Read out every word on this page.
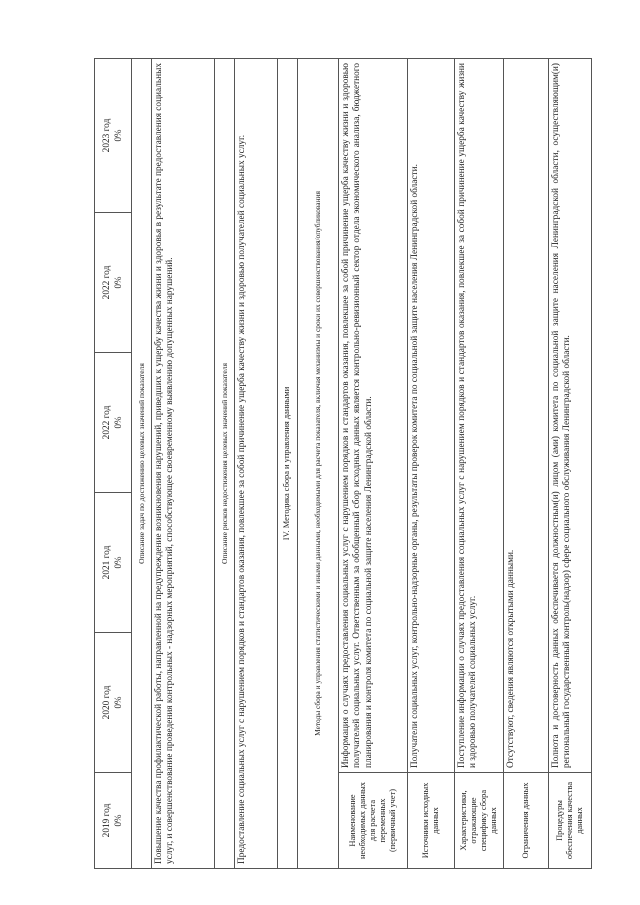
2019 год 0%	2020 год 0%	2021 год 0%	2022 год 0%	2022 год 0%	2023 год 0%

Описание задач по достижению целевых значений показателя					
Повышение качества профилактической работы, направленной на предупреждение возникновения нарушений, приведших к ущербу качества жизни и здоровья в результате предоставления социальных услуг, и совершенствование проведения контрольных - надзорных мероприятий, способствующее своевременному выявлению допущенных нарушений.					
Описание рисков недостижения целевых значений показателя					
Предоставление социальных услуг с нарушением порядков и стандартов оказания, повлекшее за собой причинение ущерба качеству жизни и здоровью получателей социальных услуг.					
IV. Методика сбора и управления данными					
Методы сбора и управления статистическими и иными данными, необходимыми для расчета показателя, включая механизмы и сроки их совершенствования/опубликования					
Наименование необходимых данных для расчета переменных (первичный учет)	Информация о случаях предоставления социальных услуг с нарушением порядков и стандартов оказания, повлекшее за собой причинение ущерба качеству жизни и здоровью получателей социальных услуг. Ответственным за обобщенный сбор исходных данных является контрольно-ревизионный сектор отдела экономического анализа, бюджетного планирования и контроля комитета по социальной защите населения Ленинградской области.				
Источники исходных данных	Получатели социальных услуг, контрольно-надзорные органы, результаты проверок комитета по социальной защите населения Ленинградской области.				
Характеристики, отражающие специфику сбора данных	Поступление информации о случаях предоставления социальных услуг с нарушением порядков и стандартов оказания, повлекшее за собой причинение ущерба качеству жизни и здоровью получателей социальных услуг.				
Ограничения данных	Отсутствуют, сведения являются открытыми данными.				
Процедуры обеспечения качества данных	Полнота и достоверность данных обеспечивается должностным(и) лицом (ами) комитета по социальной защите населения Ленинградской области, осуществляющим(и) региональный государственный контроль(надзор) сфере социального обслуживания Ленинградской области.				
